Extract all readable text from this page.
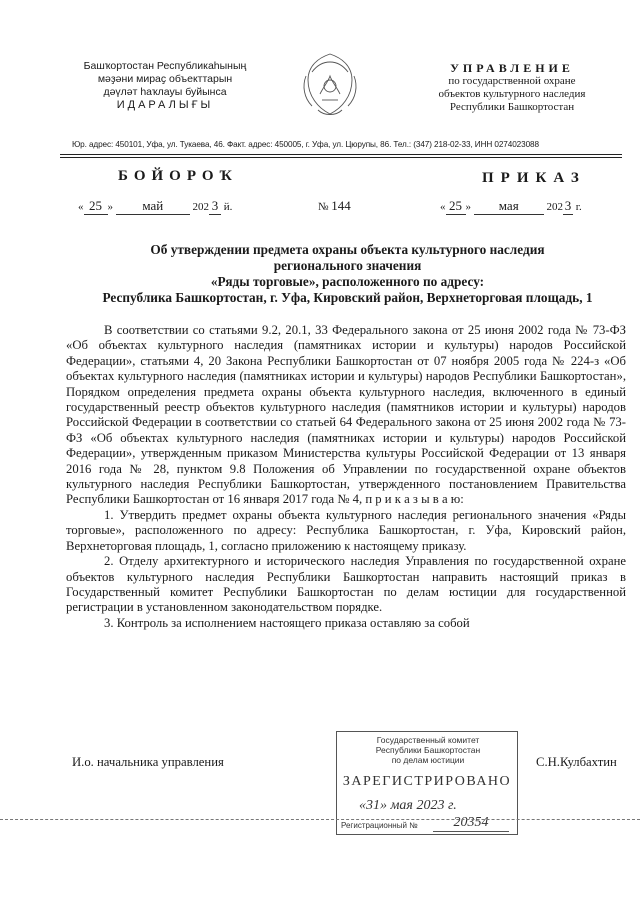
Башҡортостан Республикаһының
мәҙәни мираҫ объекттарын
дәүләт һаҡлауы буйынса
ИДАРАЛЫҒЫ
УПРАВЛЕНИЕ
по государственной охране
объектов культурного наследия
Республики Башкортостан
Юр. адрес: 450101, Уфа, ул. Тукаева, 46. Факт. адрес: 450005, г. Уфа, ул. Цюрупы, 86. Тел.: (347) 218-02-33, ИНН 0274023088
БОЙОРОҠ	ПРИКАЗ
« 25 » май	202 3 й.	№ 144	« 25 » мая	202 3 г.
Об утверждении предмета охраны объекта культурного наследия
регионального значения
«Ряды торговые», расположенного по адресу:
Республика Башкортостан, г. Уфа, Кировский район, Верхнеторговая площадь, 1

В соответствии со статьями 9.2, 20.1, 33 Федерального закона от 25 июня 2002 года № 73-ФЗ «Об объектах культурного наследия (памятниках истории и культуры) народов Российской Федерации», статьями 4, 20 Закона Республики Башкортостан от 07 ноября 2005 года № 224-з «Об объектах культурного наследия (памятниках истории и культуры) народов Республики Башкортостан», Порядком определения предмета охраны объекта культурного наследия, включенного в единый государственный реестр объектов культурного наследия (памятников истории и культуры) народов Российской Федерации в соответствии со статьей 64 Федерального закона от 25 июня 2002 года № 73-ФЗ «Об объектах культурного наследия (памятниках истории и культуры) народов Российской Федерации», утвержденным приказом Министерства культуры Российской Федерации от 13 января 2016 года № 28, пунктом 9.8 Положения об Управлении по государственной охране объектов культурного наследия Республики Башкортостан, утвержденного постановлением Правительства Республики Башкортостан от 16 января 2017 года № 4, п р и к а з ы в а ю:

1. Утвердить предмет охраны объекта культурного наследия регионального значения «Ряды торговые», расположенного по адресу: Республика Башкортостан, г. Уфа, Кировский район, Верхнеторговая площадь, 1, согласно приложению к настоящему приказу.

2. Отделу архитектурного и исторического наследия Управления по государственной охране объектов культурного наследия Республики Башкортостан направить настоящий приказ в Государственный комитет Республики Башкортостан по делам юстиции для государственной регистрации в установленном законодательством порядке.

3. Контроль за исполнением настоящего приказа оставляю за собой

И.о. начальника управления
Государственный комитет
Республики Башкортостан
по делам юстиции
ЗАРЕГИСТРИРОВАНО
«31» мая 2023 г.
Регистрационный №	20354
С.Н.Кулбахтин
